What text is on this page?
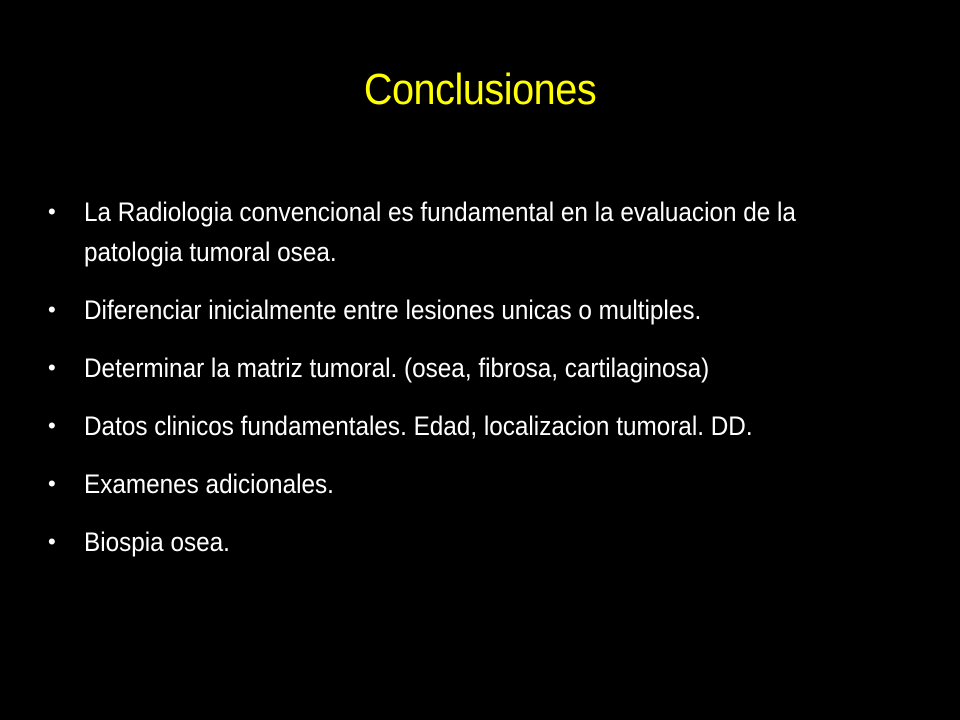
Conclusiones
•	La Radiologia convencional es fundamental en la evaluacion de la patologia tumoral osea.
•	Diferenciar inicialmente entre lesiones unicas o multiples.
•	Determinar la matriz tumoral. (osea, fibrosa, cartilaginosa)
•	Datos clinicos fundamentales. Edad, localizacion tumoral. DD.
•	Examenes adicionales.
•	Biospia osea.
